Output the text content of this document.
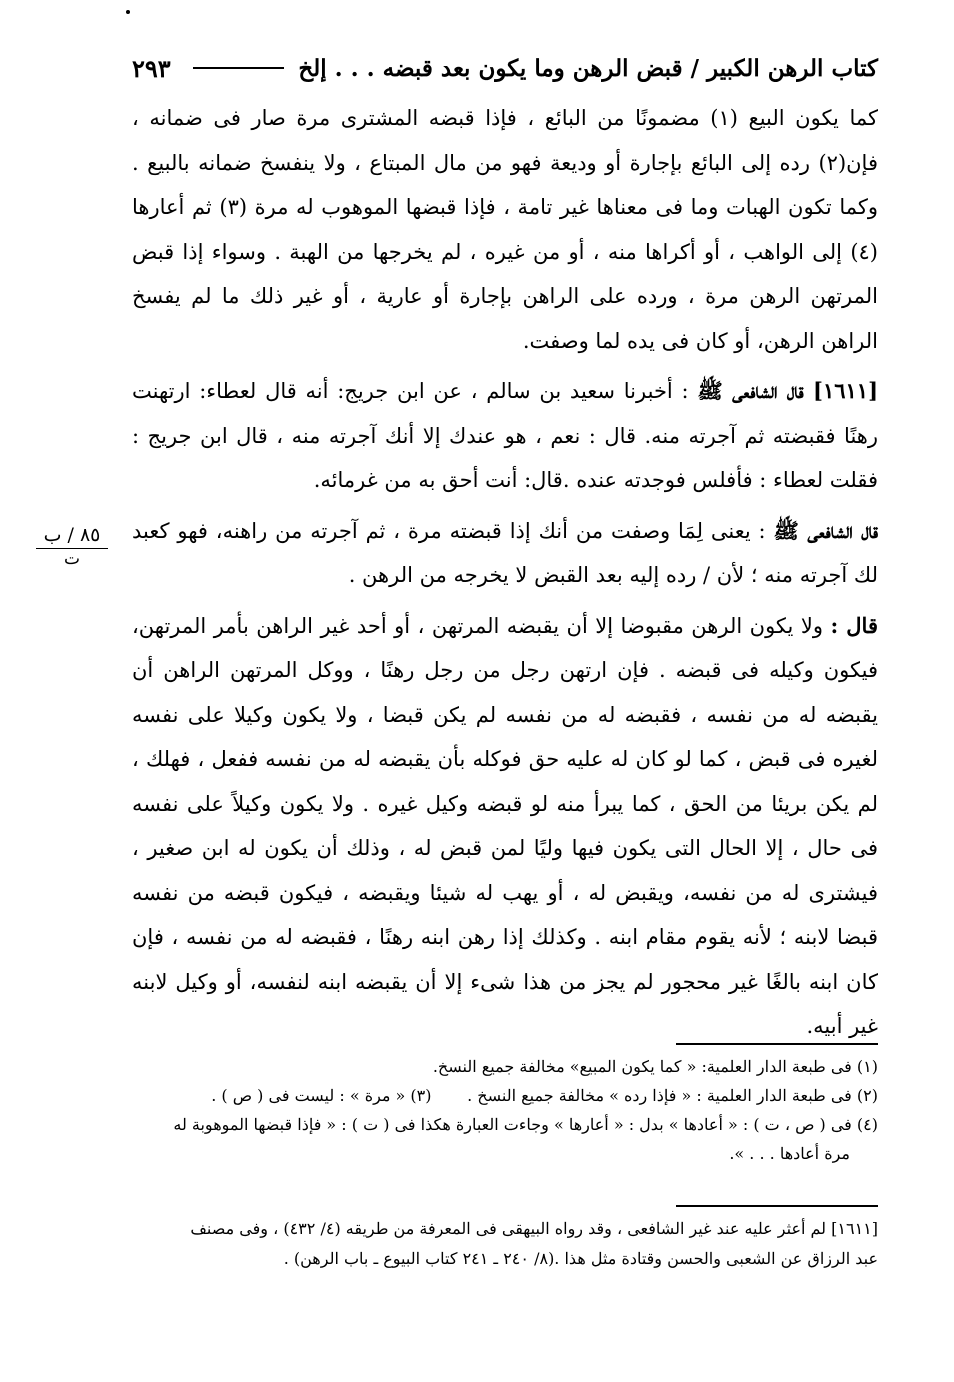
كتاب الرهن الكبير / قبض الرهن وما يكون بعد قبضه . . . إلخ
٢٩٣

كما يكون البيع (١) مضمونًا من البائع ، فإذا قبضه المشترى مرة صار فى ضمانه ، فإن(٢) رده إلى البائع بإجارة أو وديعة فهو من مال المبتاع ، ولا ينفسخ ضمانه بالبيع . وكما تكون الهبات وما فى معناها غير تامة ، فإذا قبضها الموهوب له مرة (٣) ثم أعارها (٤) إلى الواهب ، أو أكراها منه ، أو من غيره ، لم يخرجها من الهبة . وسواء إذا قبض المرتهن الرهن مرة ، ورده على الراهن بإجارة أو عارية ، أو غير ذلك ما لم يفسخ الراهن الرهن، أو كان فى يده لما وصفت.

[١٦١١] قال الشافعى ﷺ : أخبرنا سعيد بن سالم ، عن ابن جريج: أنه قال لعطاء: ارتهنت رهنًا فقبضته ثم آجرته منه. قال : نعم ، هو عندك إلا أنك آجرته منه ، قال ابن جريج : فقلت لعطاء : فأفلس فوجدته عنده .قال: أنت أحق به من غرمائه.

قال الشافعى ﷺ : يعنى لِمَا وصفت من أنك إذا قبضته مرة ، ثم آجرته من راهنه، فهو كعبد لك آجرته منه ؛ لأن / رده إليه بعد القبض لا يخرجه من الرهن .

قال : ولا يكون الرهن مقبوضا إلا أن يقبضه المرتهن ، أو أحد غير الراهن بأمر المرتهن، فيكون وكيله فى قبضه . فإن ارتهن رجل من رجل رهنًا ، ووكل المرتهن الراهن أن يقبضه له من نفسه ، فقبضه له من نفسه لم يكن قبضا ، ولا يكون وكيلا على نفسه لغيره فى قبض ، كما لو كان له عليه حق فوكله بأن يقبضه له من نفسه ففعل ، فهلك ، لم يكن بريئا من الحق ، كما يبرأ منه لو قبضه وكيل غيره . ولا يكون وكيلاً على نفسه فى حال ، إلا الحال التى يكون فيها وليًا لمن قبض له ، وذلك أن يكون له ابن صغير ، فيشترى له من نفسه، ويقبض له ، أو يهب له شيئا ويقبضه ، فيكون قبضه من نفسه قبضا لابنه ؛ لأنه يقوم مقام ابنه . وكذلك إذا رهن ابنه رهنًا ، فقبضه له من نفسه ، فإن كان ابنه بالغًا غير محجور لم يجز من هذا شىء إلا أن يقبضه ابنه لنفسه، أو وكيل لابنه غير أبيه.

٨٥ / ب
ت

(١) فى طبعة الدار العلمية: « كما يكون المبيع» مخالفة جميع النسخ.

(٢) فى طبعة الدار العلمية : « فإذا رده » مخالفة جميع النسخ .       (٣) « مرة » : ليست فى ( ص ) .

(٤) فى ( ص ، ت ) : « أعادها » بدل : « أعارها » وجاءت العبارة هكذا فى ( ت ) : « فإذا قبضها الموهوبة له

مرة أعادها . . . ».

[١٦١١] لم أعثر عليه عند غير الشافعى ، وقد رواه البيهقى فى المعرفة من طريقه (٤/ ٤٣٢) ، وفى مصنف

عبد الرزاق عن الشعبى والحسن وقتادة مثل هذا .(٨/ ٢٤٠ ـ ٢٤١ كتاب البيوع ـ باب الرهن) .
